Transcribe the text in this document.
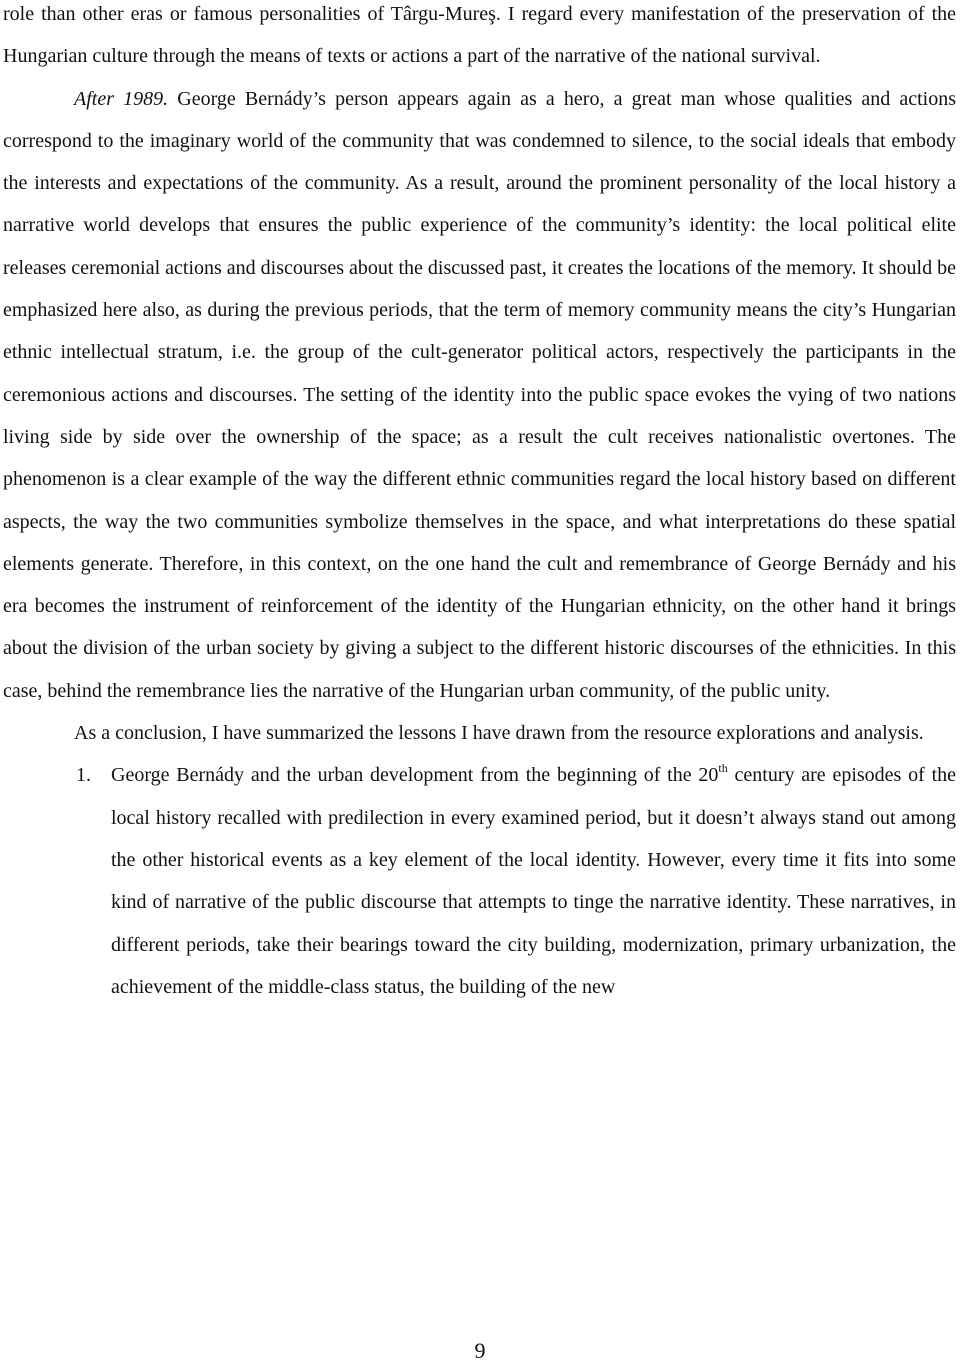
role than other eras or famous personalities of Târgu-Mureş. I regard every manifestation of the preservation of the Hungarian culture through the means of texts or actions a part of the narrative of the national survival.

After 1989. George Bernády’s person appears again as a hero, a great man whose qualities and actions correspond to the imaginary world of the community that was condemned to silence, to the social ideals that embody the interests and expectations of the community. As a result, around the prominent personality of the local history a narrative world develops that ensures the public experience of the community’s identity: the local political elite releases ceremonial actions and discourses about the discussed past, it creates the locations of the memory. It should be emphasized here also, as during the previous periods, that the term of memory community means the city’s Hungarian ethnic intellectual stratum, i.e. the group of the cult-generator political actors, respectively the participants in the ceremonious actions and discourses. The setting of the identity into the public space evokes the vying of two nations living side by side over the ownership of the space; as a result the cult receives nationalistic overtones. The phenomenon is a clear example of the way the different ethnic communities regard the local history based on different aspects, the way the two communities symbolize themselves in the space, and what interpretations do these spatial elements generate. Therefore, in this context, on the one hand the cult and remembrance of George Bernády and his era becomes the instrument of reinforcement of the identity of the Hungarian ethnicity, on the other hand it brings about the division of the urban society by giving a subject to the different historic discourses of the ethnicities. In this case, behind the remembrance lies the narrative of the Hungarian urban community, of the public unity.

As a conclusion, I have summarized the lessons I have drawn from the resource explorations and analysis.

1. George Bernády and the urban development from the beginning of the 20th century are episodes of the local history recalled with predilection in every examined period, but it doesn’t always stand out among the other historical events as a key element of the local identity. However, every time it fits into some kind of narrative of the public discourse that attempts to tinge the narrative identity. These narratives, in different periods, take their bearings toward the city building, modernization, primary urbanization, the achievement of the middle-class status, the building of the new
9
